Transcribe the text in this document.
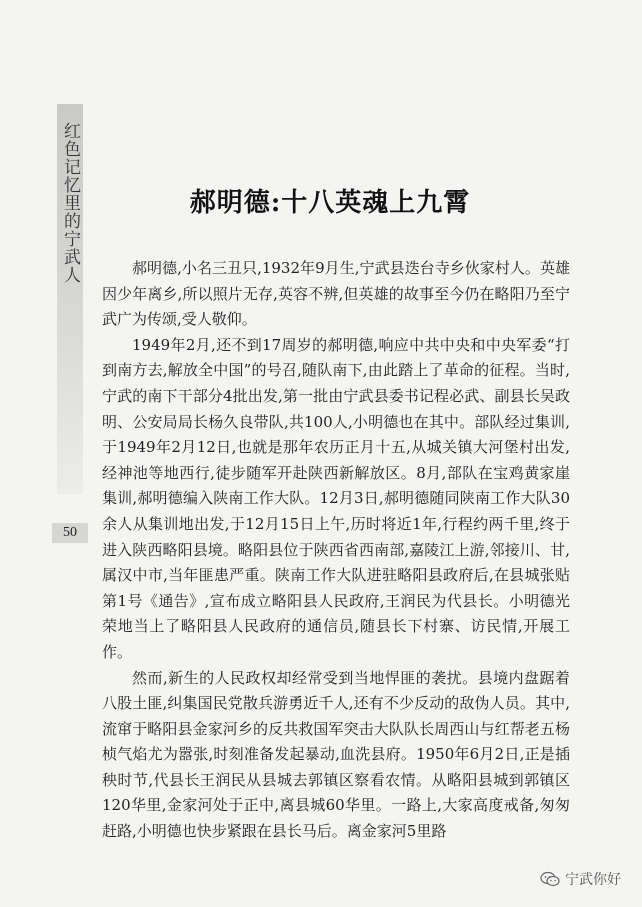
红色记忆里的宁武人
50
郝明德:十八英魂上九霄

郝明德,小名三丑只,1932年9月生,宁武县迭台寺乡伙家村人。英雄因少年离乡,所以照片无存,英容不辨,但英雄的故事至今仍在略阳乃至宁武广为传颂,受人敬仰。

1949年2月,还不到17周岁的郝明德,响应中共中央和中央军委“打到南方去,解放全中国”的号召,随队南下,由此踏上了革命的征程。当时,宁武的南下干部分4批出发,第一批由宁武县委书记程必武、副县长吴政明、公安局局长杨久良带队,共100人,小明德也在其中。部队经过集训,于1949年2月12日,也就是那年农历正月十五,从城关镇大河堡村出发,经神池等地西行,徒步随军开赴陕西新解放区。8月,部队在宝鸡黄家崖集训,郝明德编入陕南工作大队。12月3日,郝明德随同陕南工作大队30余人从集训地出发,于12月15日上午,历时将近1年,行程约两千里,终于进入陕西略阳县境。略阳县位于陕西省西南部,嘉陵江上游,邻接川、甘,属汉中市,当年匪患严重。陕南工作大队进驻略阳县政府后,在县城张贴第1号《通告》,宣布成立略阳县人民政府,王润民为代县长。小明德光荣地当上了略阳县人民政府的通信员,随县长下村寨、访民情,开展工作。

然而,新生的人民政权却经常受到当地悍匪的袭扰。县境内盘踞着八股土匪,纠集国民党散兵游勇近千人,还有不少反动的敌伪人员。其中,流窜于略阳县金家河乡的反共救国军突击大队队长周西山与红帮老五杨桢气焰尤为嚣张,时刻准备发起暴动,血洗县府。1950年6月2日,正是插秧时节,代县长王润民从县城去郭镇区察看农情。从略阳县城到郭镇区120华里,金家河处于正中,离县城60华里。一路上,大家高度戒备,匆匆赶路,小明德也快步紧跟在县长马后。离金家河5里路

宁武你好
